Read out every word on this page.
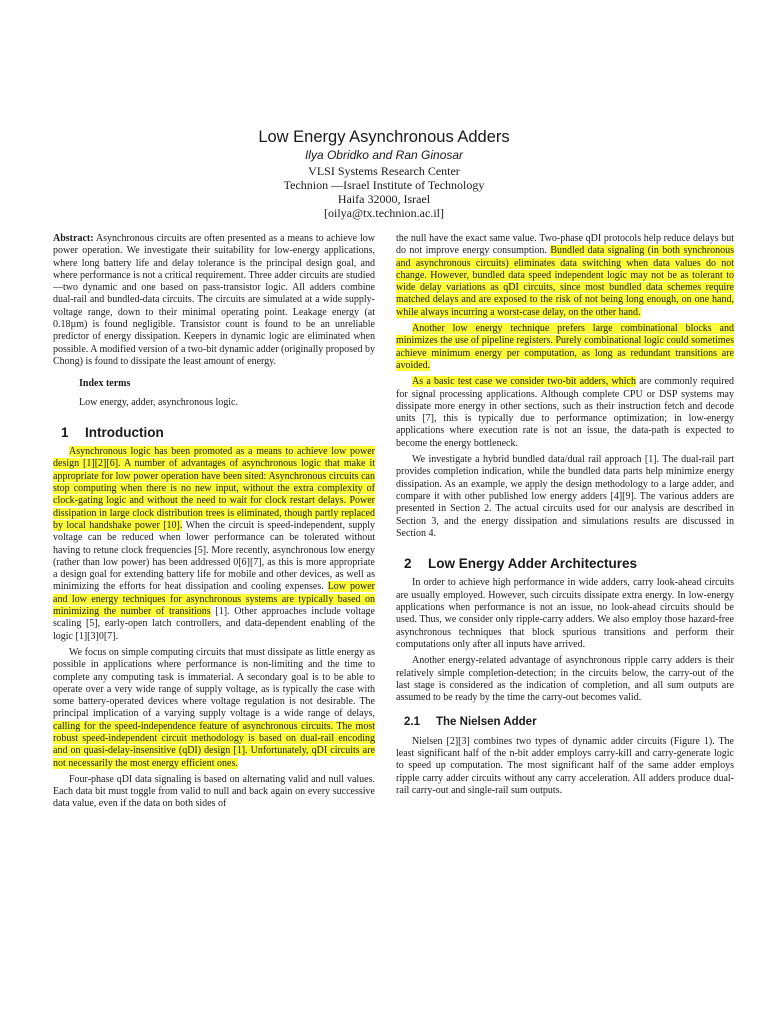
Low Energy Asynchronous Adders
Ilya Obridko and Ran Ginosar
VLSI Systems Research Center
Technion —Israel Institute of Technology
Haifa 32000, Israel
[oilya@tx.technion.ac.il]

Abstract: Asynchronous circuits are often presented as a means to achieve low power operation. We investigate their suitability for low-energy applications, where long battery life and delay tolerance is the principal design goal, and where performance is not a critical requirement. Three adder circuits are studied—two dynamic and one based on pass-transistor logic. All adders combine dual-rail and bundled-data circuits. The circuits are simulated at a wide supply-voltage range, down to their minimal operating point. Leakage energy (at 0.18µm) is found negligible. Transistor count is found to be an unreliable predictor of energy dissipation. Keepers in dynamic logic are eliminated when possible. A modified version of a two-bit dynamic adder (originally proposed by Chong) is found to dissipate the least amount of energy.

Index terms

Low energy, adder, asynchronous logic.

1 Introduction

Asynchronous logic has been promoted as a means to achieve low power design [1][2][6]. A number of advantages of asynchronous logic that make it appropriate for low power operation have been sited: Asynchronous circuits can stop computing when there is no new input, without the extra complexity of clock-gating logic and without the need to wait for clock restart delays. Power dissipation in large clock distribution trees is eliminated, though partly replaced by local handshake power [10]. When the circuit is speed-independent, supply voltage can be reduced when lower performance can be tolerated without having to retune clock frequencies [5]. More recently, asynchronous low energy (rather than low power) has been addressed 0[6][7], as this is more appropriate a design goal for extending battery life for mobile and other devices, as well as minimizing the efforts for heat dissipation and cooling expenses. Low power and low energy techniques for asynchronous systems are typically based on minimizing the number of transitions [1]. Other approaches include voltage scaling [5], early-open latch controllers, and data-dependent enabling of the logic [1][3]0[7].

We focus on simple computing circuits that must dissipate as little energy as possible in applications where performance is non-limiting and the time to complete any computing task is immaterial. A secondary goal is to be able to operate over a very wide range of supply voltage, as is typically the case with some battery-operated devices where voltage regulation is not desirable. The principal implication of a varying supply voltage is a wide range of delays, calling for the speed-independence feature of asynchronous circuits. The most robust speed-independent circuit methodology is based on dual-rail encoding and on quasi-delay-insensitive (qDI) design [1]. Unfortunately, qDI circuits are not necessarily the most energy efficient ones.

Four-phase qDI data signaling is based on alternating valid and null values. Each data bit must toggle from valid to null and back again on every successive data value, even if the data on both sides of

the null have the exact same value. Two-phase qDI protocols help reduce delays but do not improve energy consumption. Bundled data signaling (in both synchronous and asynchronous circuits) eliminates data switching when data values do not change. However, bundled data speed independent logic may not be as tolerant to wide delay variations as qDI circuits, since most bundled data schemes require matched delays and are exposed to the risk of not being long enough, on one hand, while always incurring a worst-case delay, on the other hand.

Another low energy technique prefers large combinational blocks and minimizes the use of pipeline registers. Purely combinational logic could sometimes achieve minimum energy per computation, as long as redundant transitions are avoided.

As a basic test case we consider two-bit adders, which are commonly required for signal processing applications. Although complete CPU or DSP systems may dissipate more energy in other sections, such as their instruction fetch and decode units [7], this is typically due to performance optimization; in low-energy applications where execution rate is not an issue, the data-path is expected to become the energy bottleneck.

We investigate a hybrid bundled data/dual rail approach [1]. The dual-rail part provides completion indication, while the bundled data parts help minimize energy dissipation. As an example, we apply the design methodology to a large adder, and compare it with other published low energy adders [4][9]. The various adders are presented in Section 2. The actual circuits used for our analysis are described in Section 3, and the energy dissipation and simulations results are discussed in Section 4.

2 Low Energy Adder Architectures

In order to achieve high performance in wide adders, carry look-ahead circuits are usually employed. However, such circuits dissipate extra energy. In low-energy applications when performance is not an issue, no look-ahead circuits should be used. Thus, we consider only ripple-carry adders. We also employ those hazard-free asynchronous techniques that block spurious transitions and perform their computations only after all inputs have arrived.

Another energy-related advantage of asynchronous ripple carry adders is their relatively simple completion-detection; in the circuits below, the carry-out of the last stage is considered as the indication of completion, and all sum outputs are assumed to be ready by the time the carry-out becomes valid.

2.1 The Nielsen Adder

Nielsen [2][3] combines two types of dynamic adder circuits (Figure 1). The least significant half of the n-bit adder employs carry-kill and carry-generate logic to speed up computation. The most significant half of the same adder employs ripple carry adder circuits without any carry acceleration. All adders produce dual-rail carry-out and single-rail sum outputs.
